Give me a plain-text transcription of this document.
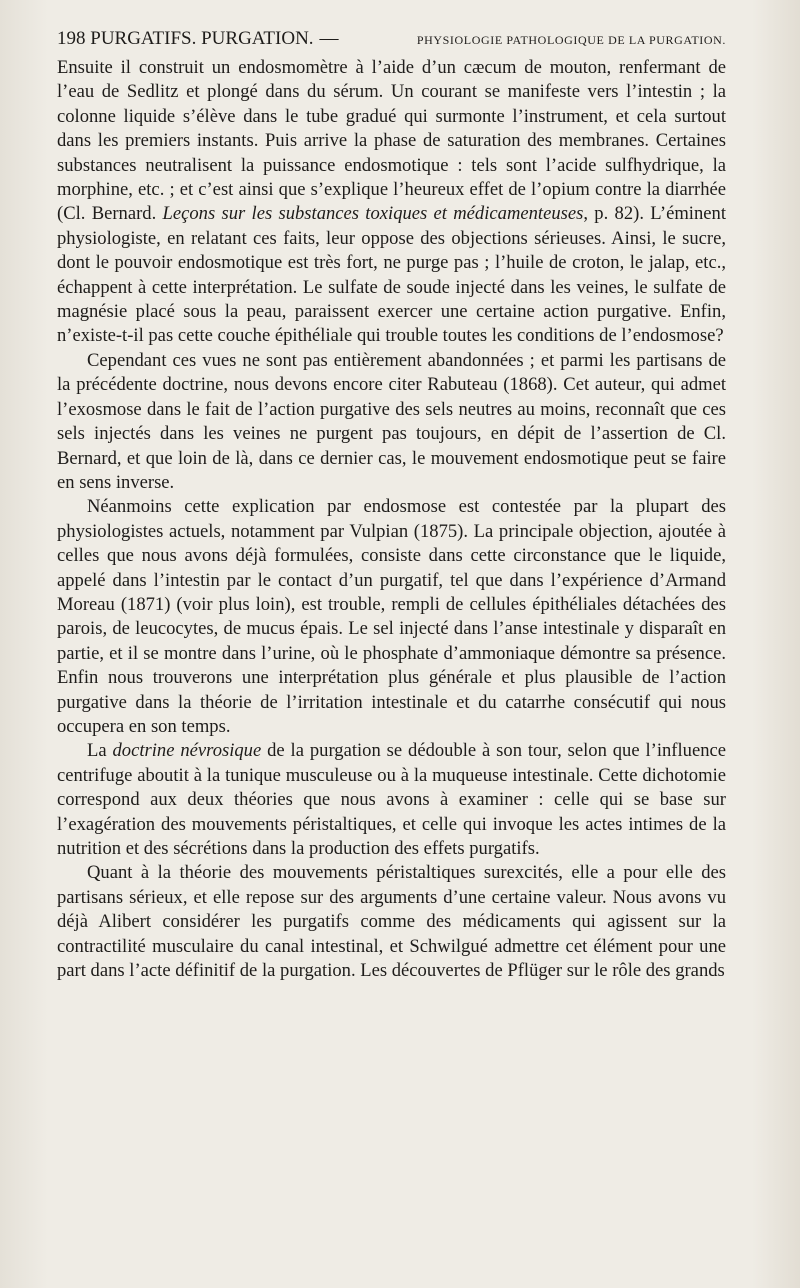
198 PURGATIFS. PURGATION. —	PHYSIOLOGIE PATHOLOGIQUE DE LA PURGATION.

Ensuite il construit un endosmomètre à l’aide d’un cæcum de mouton, renfermant de l’eau de Sedlitz et plongé dans du sérum. Un courant se manifeste vers l’intestin ; la colonne liquide s’élève dans le tube gradué qui surmonte l’instrument, et cela surtout dans les premiers instants. Puis arrive la phase de saturation des membranes. Certaines substances neutralisent la puissance endosmotique : tels sont l’acide sulfhydrique, la morphine, etc. ; et c’est ainsi que s’explique l’heureux effet de l’opium contre la diarrhée (Cl. Bernard. Leçons sur les substances toxiques et médicamenteuses, p. 82). L’éminent physiologiste, en relatant ces faits, leur oppose des objections sérieuses. Ainsi, le sucre, dont le pouvoir endosmotique est très fort, ne purge pas ; l’huile de croton, le jalap, etc., échappent à cette interprétation. Le sulfate de soude injecté dans les veines, le sulfate de magnésie placé sous la peau, paraissent exercer une certaine action purgative. Enfin, n’existe-t-il pas cette couche épithéliale qui trouble toutes les conditions de l’endosmose?

Cependant ces vues ne sont pas entièrement abandonnées ; et parmi les partisans de la précédente doctrine, nous devons encore citer Rabuteau (1868). Cet auteur, qui admet l’exosmose dans le fait de l’action purgative des sels neutres au moins, reconnaît que ces sels injectés dans les veines ne purgent pas toujours, en dépit de l’assertion de Cl. Bernard, et que loin de là, dans ce dernier cas, le mouvement endosmotique peut se faire en sens inverse.

Néanmoins cette explication par endosmose est contestée par la plupart des physiologistes actuels, notamment par Vulpian (1875). La principale objection, ajoutée à celles que nous avons déjà formulées, consiste dans cette circonstance que le liquide, appelé dans l’intestin par le contact d’un purgatif, tel que dans l’expérience d’Armand Moreau (1871) (voir plus loin), est trouble, rempli de cellules épithéliales détachées des parois, de leucocytes, de mucus épais. Le sel injecté dans l’anse intestinale y disparaît en partie, et il se montre dans l’urine, où le phosphate d’ammoniaque démontre sa présence. Enfin nous trouverons une interprétation plus générale et plus plausible de l’action purgative dans la théorie de l’irritation intestinale et du catarrhe consécutif qui nous occupera en son temps.

La doctrine névrosique de la purgation se dédouble à son tour, selon que l’influence centrifuge aboutit à la tunique musculeuse ou à la muqueuse intestinale. Cette dichotomie correspond aux deux théories que nous avons à examiner : celle qui se base sur l’exagération des mouvements péristaltiques, et celle qui invoque les actes intimes de la nutrition et des sécrétions dans la production des effets purgatifs.

Quant à la théorie des mouvements péristaltiques surexcités, elle a pour elle des partisans sérieux, et elle repose sur des arguments d’une certaine valeur. Nous avons vu déjà Alibert considérer les purgatifs comme des médicaments qui agissent sur la contractilité musculaire du canal intestinal, et Schwilgué admettre cet élément pour une part dans l’acte définitif de la purgation. Les découvertes de Pflüger sur le rôle des grands
